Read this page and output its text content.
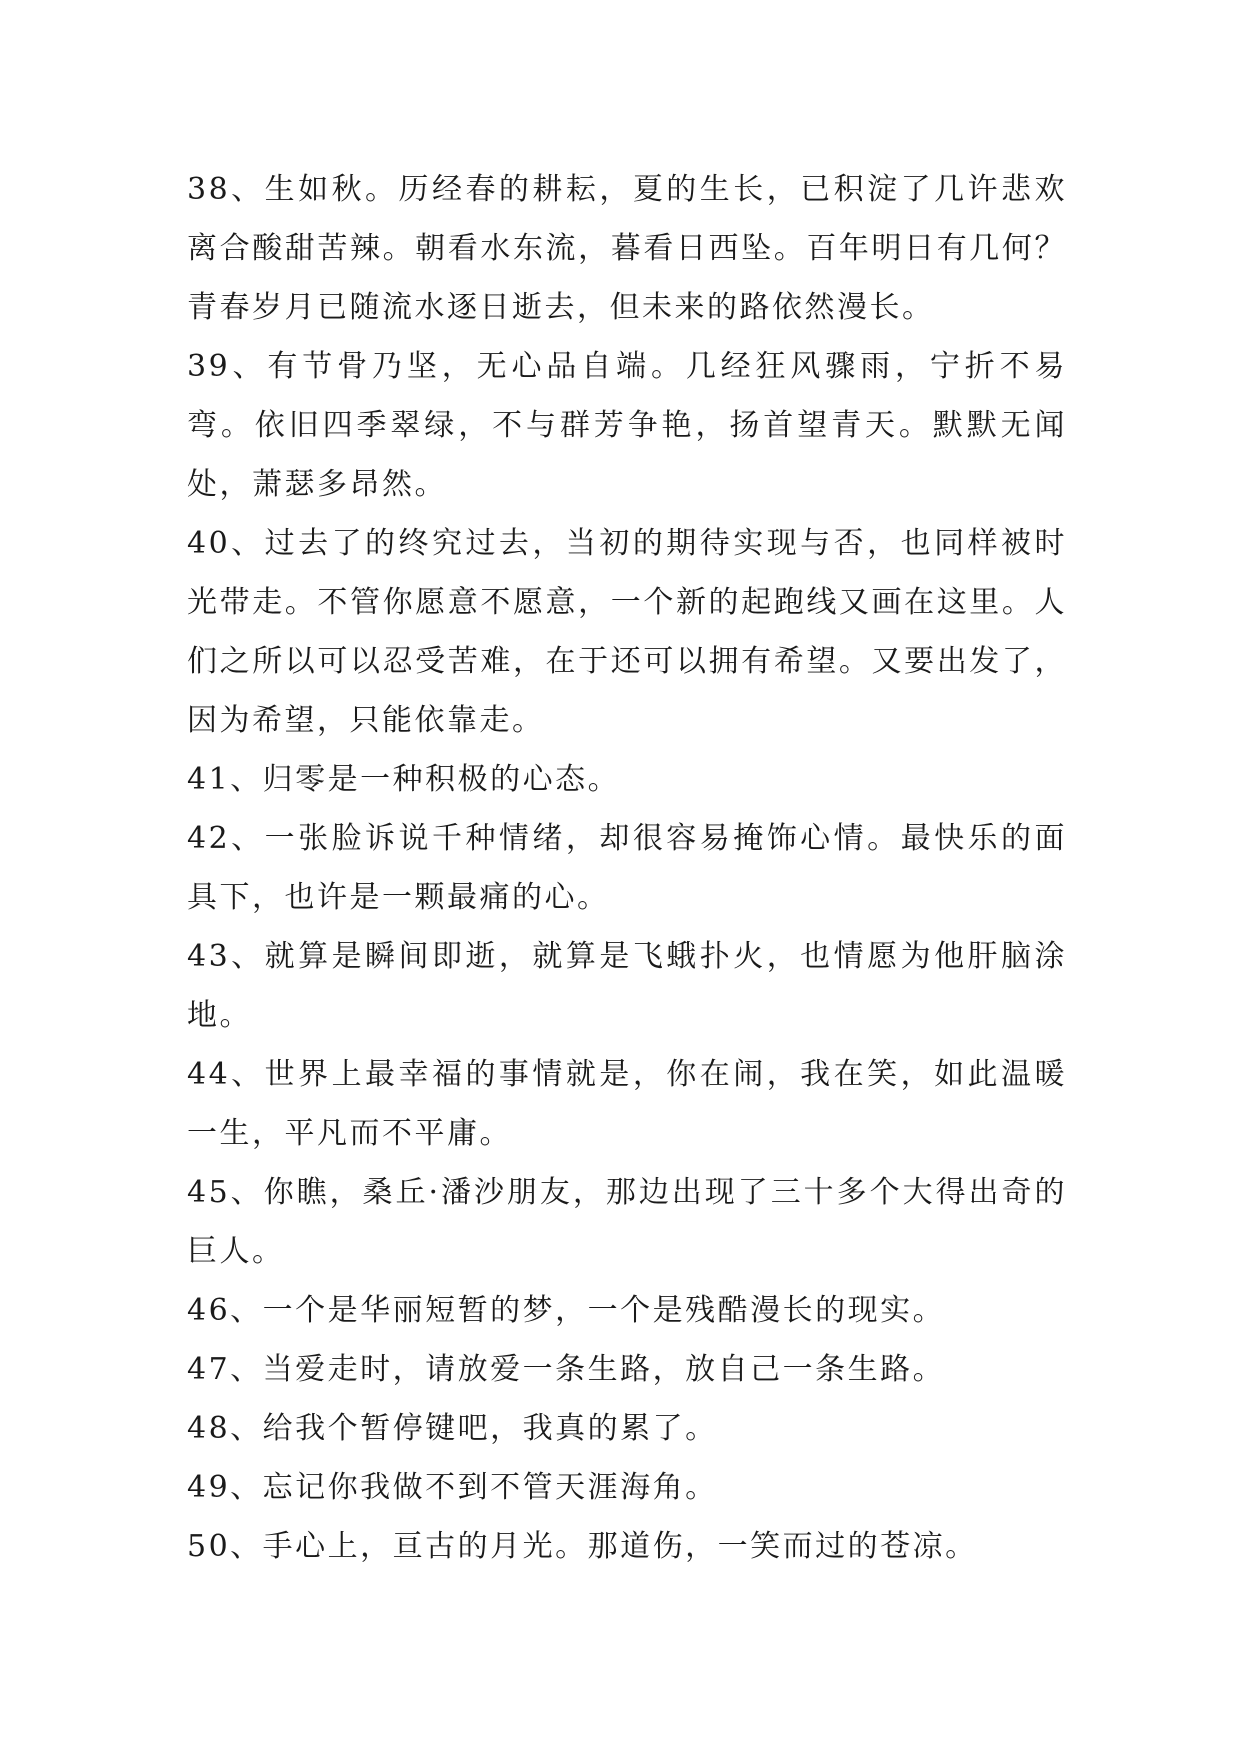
38、生如秋。历经春的耕耘，夏的生长，已积淀了几许悲欢离合酸甜苦辣。朝看水东流，暮看日西坠。百年明日有几何？青春岁月已随流水逐日逝去，但未来的路依然漫长。

39、有节骨乃坚，无心品自端。几经狂风骤雨，宁折不易弯。依旧四季翠绿，不与群芳争艳，扬首望青天。默默无闻处，萧瑟多昂然。

40、过去了的终究过去，当初的期待实现与否，也同样被时光带走。不管你愿意不愿意，一个新的起跑线又画在这里。人们之所以可以忍受苦难，在于还可以拥有希望。又要出发了，因为希望，只能依靠走。

41、归零是一种积极的心态。

42、一张脸诉说千种情绪，却很容易掩饰心情。最快乐的面具下，也许是一颗最痛的心。

43、就算是瞬间即逝，就算是飞蛾扑火，也情愿为他肝脑涂地。

44、世界上最幸福的事情就是，你在闹，我在笑，如此温暖一生，平凡而不平庸。

45、你瞧，桑丘·潘沙朋友，那边出现了三十多个大得出奇的巨人。

46、一个是华丽短暂的梦，一个是残酷漫长的现实。

47、当爱走时，请放爱一条生路，放自己一条生路。

48、给我个暂停键吧，我真的累了。

49、忘记你我做不到不管天涯海角。

50、手心上，亘古的月光。那道伤，一笑而过的苍凉。
